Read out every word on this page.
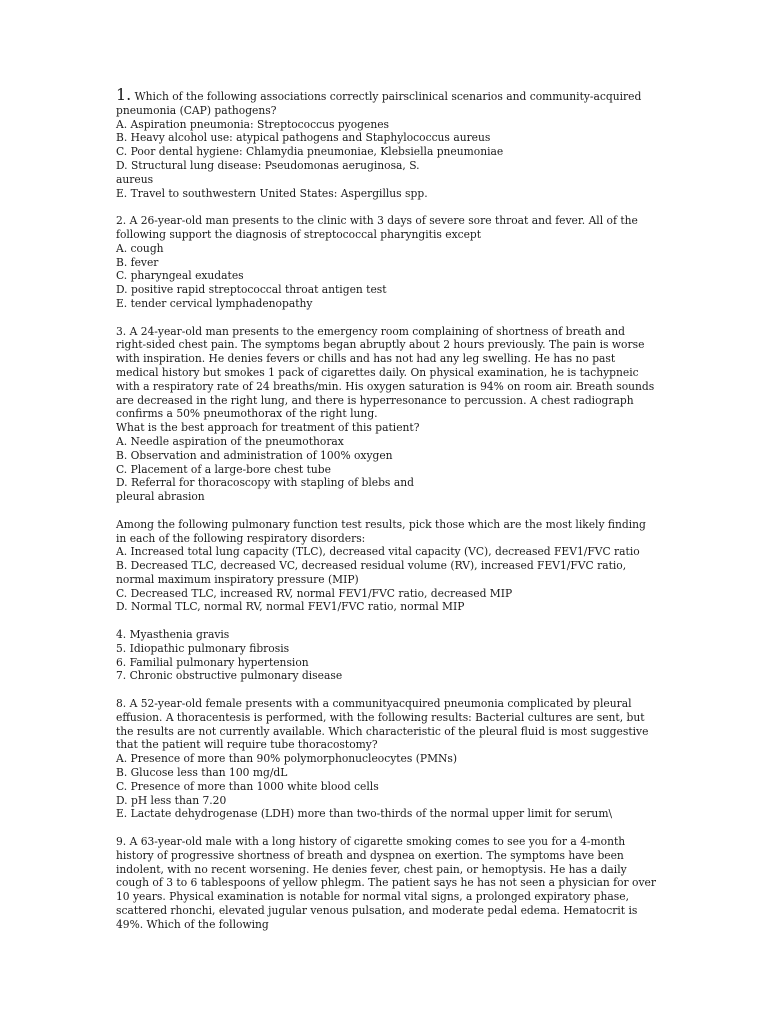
1. Which of the following associations correctly pairsclinical scenarios and community-acquired pneumonia (CAP) pathogens?

A. Aspiration pneumonia: Streptococcus pyogenes

B. Heavy alcohol use: atypical pathogens and Staphylococcus aureus

C. Poor dental hygiene: Chlamydia pneumoniae, Klebsiella pneumoniae

D. Structural lung disease: Pseudomonas aeruginosa, S.

aureus

E. Travel to southwestern United States: Aspergillus spp.

2. A 26-year-old man presents to the clinic with 3 days of severe sore throat and fever. All of the following support the diagnosis of streptococcal pharyngitis except

A. cough

B. fever

C. pharyngeal exudates

D. positive rapid streptococcal throat antigen test

E. tender cervical lymphadenopathy

3. A 24-year-old man presents to the emergency room complaining of shortness of breath and right-sided chest pain. The symptoms began abruptly about 2 hours previously. The pain is worse with inspiration. He denies fevers or chills and has not had any leg swelling. He has no past medical history but smokes 1 pack of cigarettes daily. On physical examination, he is tachypneic with a respiratory rate of 24 breaths/min. His oxygen saturation is 94% on room air. Breath sounds are decreased in the right lung, and there is hyperresonance to percussion. A chest radiograph confirms a 50% pneumothorax of the right lung.

What is the best approach for treatment of this patient?

A. Needle aspiration of the pneumothorax

B. Observation and administration of 100% oxygen

C. Placement of a large-bore chest tube

D. Referral for thoracoscopy with stapling of blebs and

pleural abrasion

Among the following pulmonary function test results, pick those which are the most likely finding in each of the following respiratory disorders:

A. Increased total lung capacity (TLC), decreased vital capacity (VC), decreased FEV1/FVC ratio

B. Decreased TLC, decreased VC, decreased residual volume (RV), increased FEV1/FVC ratio, normal maximum inspiratory pressure (MIP)

C. Decreased TLC, increased RV, normal FEV1/FVC ratio, decreased MIP

D. Normal TLC, normal RV, normal FEV1/FVC ratio, normal MIP

4. Myasthenia gravis

5. Idiopathic pulmonary fibrosis

6. Familial pulmonary hypertension

7. Chronic obstructive pulmonary disease

8. A 52-year-old female presents with a communityacquired pneumonia complicated by pleural effusion. A thoracentesis is performed, with the following results: Bacterial cultures are sent, but the results are not currently available. Which characteristic of the pleural fluid is most suggestive that the patient will require tube thoracostomy?

A. Presence of more than 90% polymorphonucleocytes (PMNs)

B. Glucose less than 100 mg/dL

C. Presence of more than 1000 white blood cells

D. pH less than 7.20

E. Lactate dehydrogenase (LDH) more than two-thirds of the normal upper limit for serum\

9. A 63-year-old male with a long history of cigarette smoking comes to see you for a 4-month history of progressive shortness of breath and dyspnea on exertion. The symptoms have been indolent, with no recent worsening. He denies fever, chest pain, or hemoptysis. He has a daily cough of 3 to 6 tablespoons of yellow phlegm. The patient says he has not seen a physician for over 10 years. Physical examination is notable for normal vital signs, a prolonged expiratory phase, scattered rhonchi, elevated jugular venous pulsation, and moderate pedal edema. Hematocrit is 49%. Which of the following
